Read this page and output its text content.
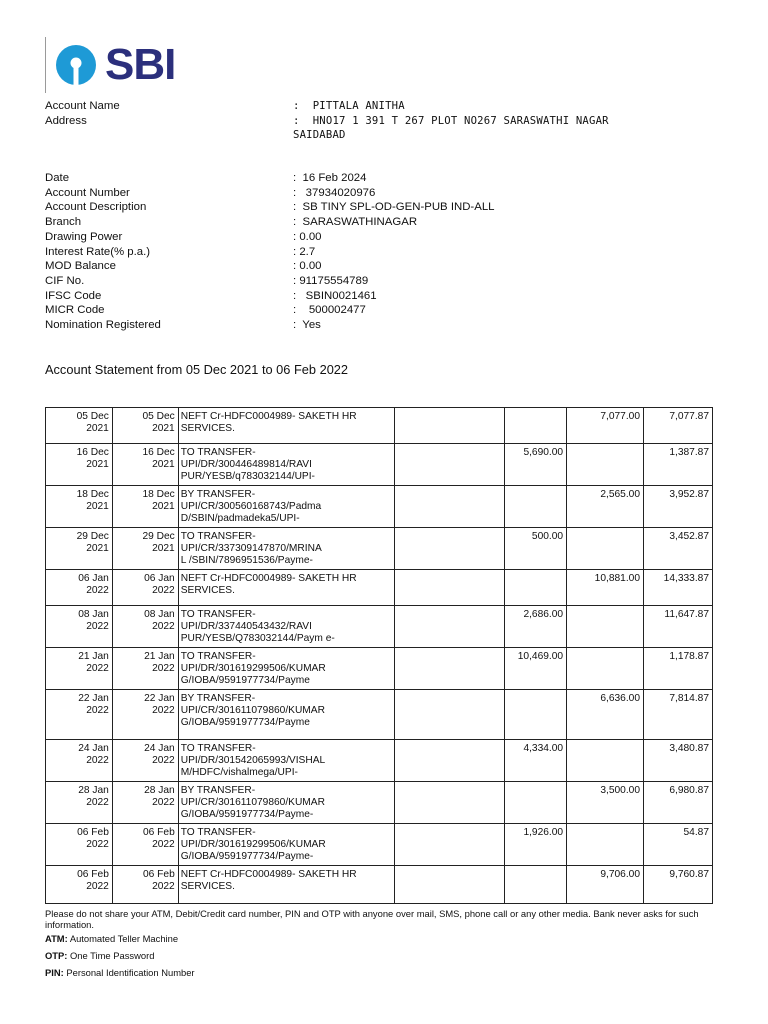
SBI
Account Name	:  PITTALA ANITHA
Address	:  HNO17 1 391 T 267 PLOT NO267 SARASWATHI NAGAR SAIDABAD
Date	:  16 Feb 2024
Account Number	:   37934020976
Account Description	:  SB TINY SPL-OD-GEN-PUB IND-ALL
Branch	:  SARASWATHINAGAR
Drawing Power	: 0.00
Interest Rate(% p.a.)	: 2.7
MOD Balance	: 0.00
CIF No.	: 91175554789
IFSC Code	:   SBIN0021461
MICR Code	:    500002477
Nomination Registered	:  Yes
Account Statement from 05 Dec 2021 to 06 Feb 2022
05 Dec
2021	05 Dec
2021	NEFT Cr-HDFC0004989- SAKETH HR
SERVICES.			7,077.00	7,077.87
16 Dec
2021	16 Dec
2021	TO TRANSFER-
UPI/DR/300446489814/RAVI
PUR/YESB/q783032144/UPI-		5,690.00		1,387.87
18 Dec
2021	18 Dec
2021	BY TRANSFER-
UPI/CR/300560168743/Padma
D/SBIN/padmadeka5/UPI-			2,565.00	3,952.87
29 Dec
2021	29 Dec
2021	TO TRANSFER-
UPI/CR/337309147870/MRINA
L /SBIN/7896951536/Payme-		500.00		3,452.87
06 Jan
2022	06 Jan
2022	NEFT Cr-HDFC0004989- SAKETH HR
SERVICES.			10,881.00	14,333.87
08 Jan
2022	08 Jan
2022	TO TRANSFER-
UPI/DR/337440543432/RAVI
PUR/YESB/Q783032144/Paym e-		2,686.00		11,647.87
21 Jan
2022	21 Jan
2022	TO TRANSFER-
UPI/DR/301619299506/KUMAR
G/IOBA/9591977734/Payme		10,469.00		1,178.87
22 Jan
2022	22 Jan
2022	BY TRANSFER-
UPI/CR/301611079860/KUMAR
G/IOBA/9591977734/Payme			6,636.00	7,814.87
24 Jan
2022	24 Jan
2022	TO TRANSFER-
UPI/DR/301542065993/VISHAL
M/HDFC/vishalmega/UPI-		4,334.00		3,480.87
28 Jan
2022	28 Jan
2022	BY TRANSFER-
UPI/CR/301611079860/KUMAR
G/IOBA/9591977734/Payme-			3,500.00	6,980.87
06 Feb
2022	06 Feb
2022	TO TRANSFER-
UPI/DR/301619299506/KUMAR
G/IOBA/9591977734/Payme-		1,926.00		54.87
06 Feb
2022	06 Feb
2022	NEFT Cr-HDFC0004989- SAKETH HR
SERVICES.			9,706.00	9,760.87
Please do not share your ATM, Debit/Credit card number, PIN and OTP with anyone over mail, SMS, phone call or any other media. Bank never asks for such information.
ATM: Automated Teller Machine
OTP: One Time Password
PIN: Personal Identification Number
